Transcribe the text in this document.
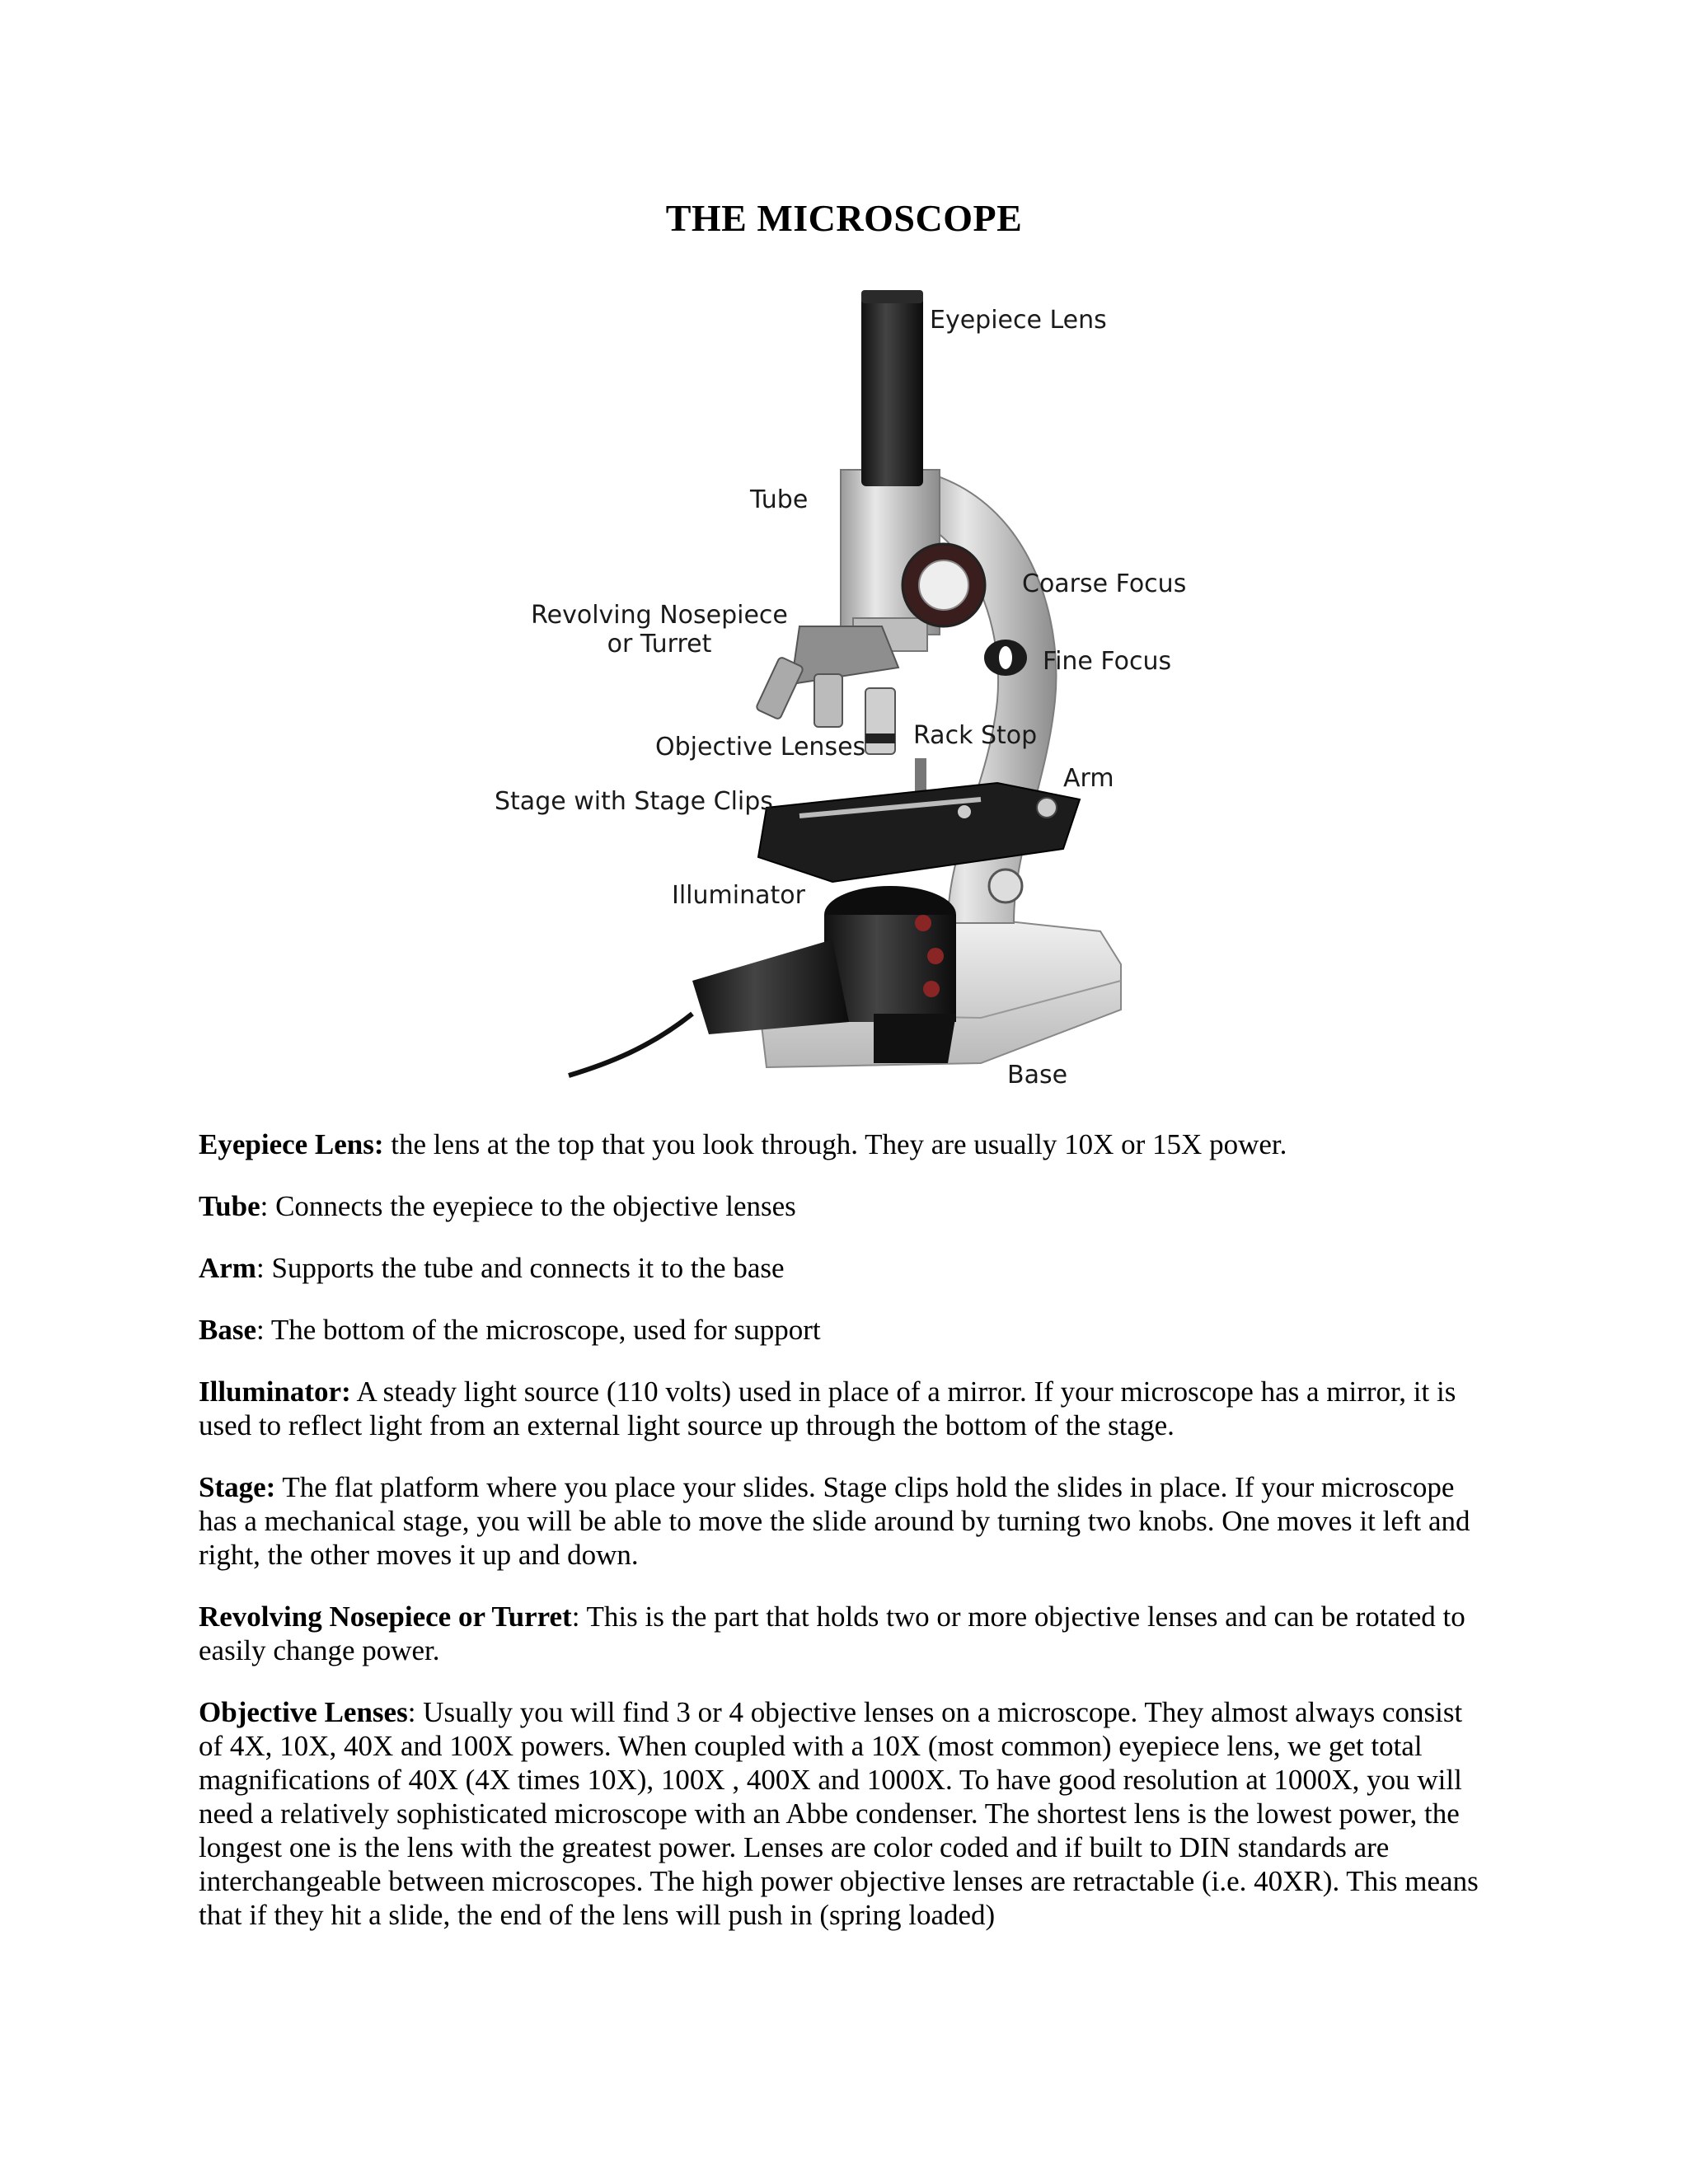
THE MICROSCOPE
Eyepiece Lens
Tube
Revolving Nosepiece
or Turret
Coarse Focus
Fine Focus
Objective Lenses Rack Stop
Arm
Stage with Stage Clips
Illuminator
Base

Eyepiece Lens: the lens at the top that you look through. They are usually 10X or 15X power.

Tube: Connects the eyepiece to the objective lenses

Arm: Supports the tube and connects it to the base

Base: The bottom of the microscope, used for support

Illuminator: A steady light source (110 volts) used in place of a mirror. If your microscope has a mirror, it is used to reflect light from an external light source up through the bottom of the stage.

Stage: The flat platform where you place your slides. Stage clips hold the slides in place. If your microscope has a mechanical stage, you will be able to move the slide around by turning two knobs. One moves it left and right, the other moves it up and down.

Revolving Nosepiece or Turret: This is the part that holds two or more objective lenses and can be rotated to easily change power.

Objective Lenses: Usually you will find 3 or 4 objective lenses on a microscope. They almost always consist of 4X, 10X, 40X and 100X powers. When coupled with a 10X (most common) eyepiece lens, we get total magnifications of 40X (4X times 10X), 100X , 400X and 1000X. To have good resolution at 1000X, you will need a relatively sophisticated microscope with an Abbe condenser. The shortest lens is the lowest power, the longest one is the lens with the greatest power. Lenses are color coded and if built to DIN standards are interchangeable between microscopes. The high power objective lenses are retractable (i.e. 40XR). This means that if they hit a slide, the end of the lens will push in (spring loaded)
